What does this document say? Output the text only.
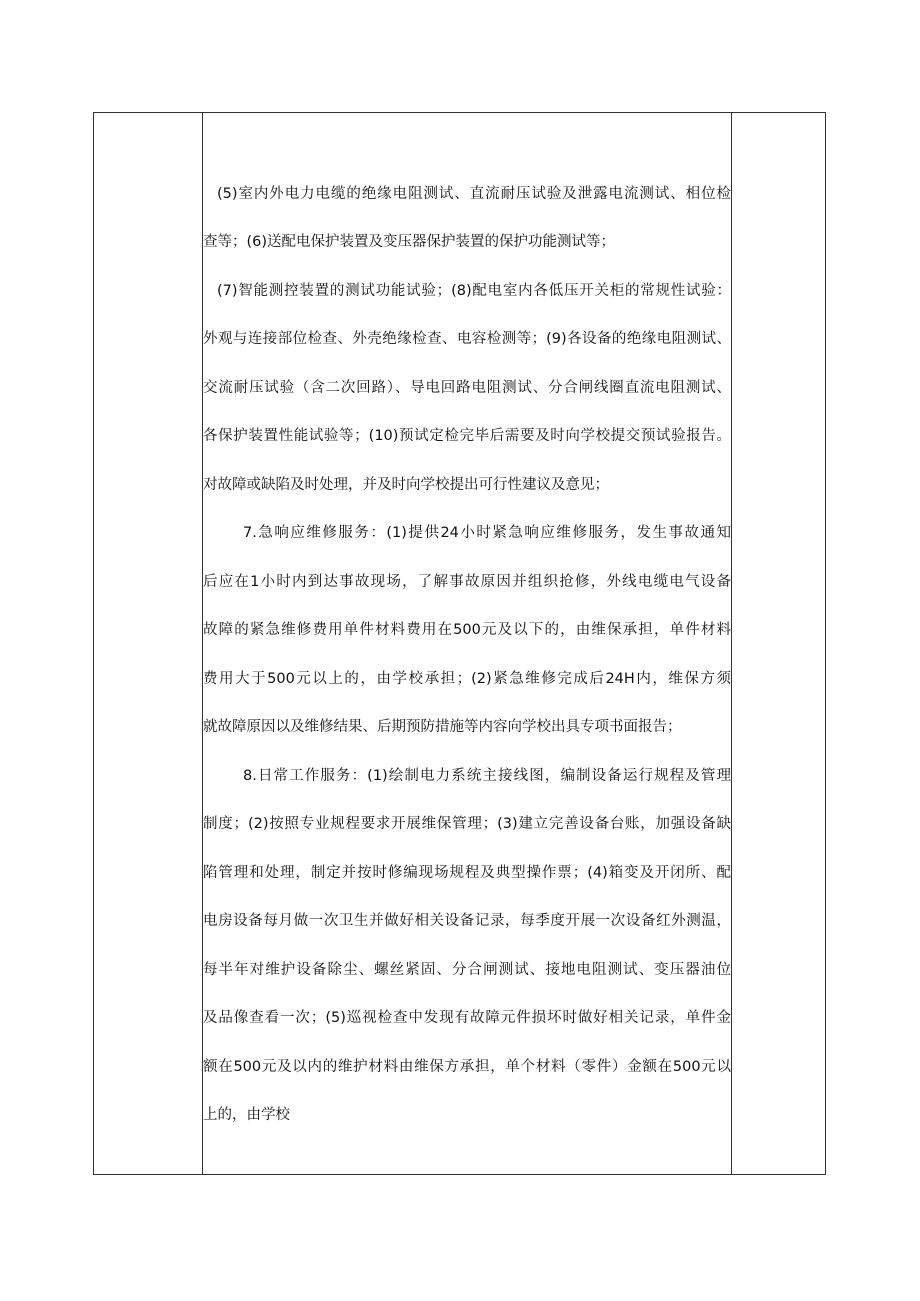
(5)室内外电力电缆的绝缘电阻测试、直流耐压试验及泄露电流测试、相位检
查等；(6)送配电保护装置及变压器保护装置的保护功能测试等；
(7)智能测控装置的测试功能试验；(8)配电室内各低压开关柜的常规性试验：
外观与连接部位检查、外壳绝缘检查、电容检测等；(9)各设备的绝缘电阻测试、
交流耐压试验（含二次回路）、导电回路电阻测试、分合闸线圈直流电阻测试、
各保护装置性能试验等；(10)预试定检完毕后需要及时向学校提交预试验报告。
对故障或缺陷及时处理，并及时向学校提出可行性建议及意见；
7.急响应维修服务：(1)提供24小时紧急响应维修服务，发生事故通知
后应在1小时内到达事故现场，了解事故原因并组织抢修，外线电缆电气设备
故障的紧急维修费用单件材料费用在500元及以下的，由维保承担，单件材料
费用大于500元以上的，由学校承担；(2)紧急维修完成后24H内，维保方须
就故障原因以及维修结果、后期预防措施等内容向学校出具专项书面报告；
8.日常工作服务：(1)绘制电力系统主接线图，编制设备运行规程及管理
制度；(2)按照专业规程要求开展维保管理；(3)建立完善设备台账，加强设备缺
陷管理和处理，制定并按时修编现场规程及典型操作票；(4)箱变及开闭所、配
电房设备每月做一次卫生并做好相关设备记录，每季度开展一次设备红外测温，
每半年对维护设备除尘、螺丝紧固、分合闸测试、接地电阻测试、变压器油位
及品像查看一次；(5)巡视检查中发现有故障元件损坏时做好相关记录，单件金
额在500元及以内的维护材料由维保方承担，单个材料（零件）金额在500元以
上的，由学校
